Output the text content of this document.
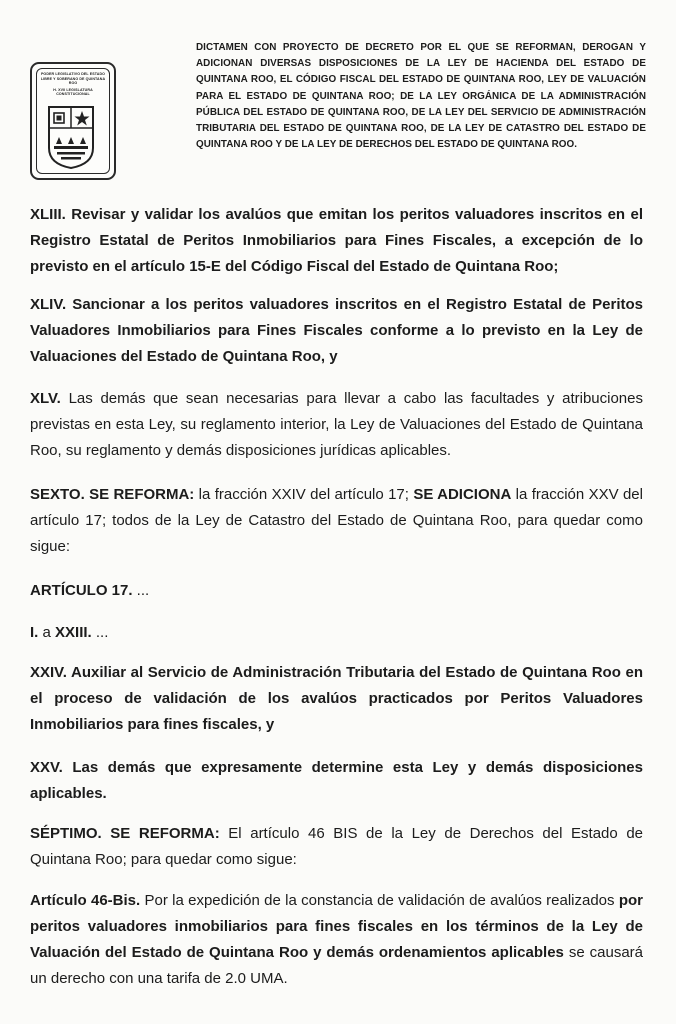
PODER LEGISLATIVO DEL ESTADO LIBRE Y SOBERANO DE QUINTANA ROO
H. XVII LEGISLATURA CONSTITUCIONAL
DICTAMEN CON PROYECTO DE DECRETO POR EL QUE SE REFORMAN, DEROGAN Y ADICIONAN DIVERSAS DISPOSICIONES DE LA LEY DE HACIENDA DEL ESTADO DE QUINTANA ROO, EL CÓDIGO FISCAL DEL ESTADO DE QUINTANA ROO, LEY DE VALUACIÓN PARA EL ESTADO DE QUINTANA ROO; DE LA LEY ORGÁNICA DE LA ADMINISTRACIÓN PÚBLICA DEL ESTADO DE QUINTANA ROO, DE LA LEY DEL SERVICIO DE ADMINISTRACIÓN TRIBUTARIA DEL ESTADO DE QUINTANA ROO, DE LA LEY DE CATASTRO DEL ESTADO DE QUINTANA ROO Y DE LA LEY DE DERECHOS DEL ESTADO DE QUINTANA ROO.

XLIII. Revisar y validar los avalúos que emitan los peritos valuadores inscritos en el Registro Estatal de Peritos Inmobiliarios para Fines Fiscales, a excepción de lo previsto en el artículo 15-E del Código Fiscal del Estado de Quintana Roo;

XLIV. Sancionar a los peritos valuadores inscritos en el Registro Estatal de Peritos Valuadores Inmobiliarios para Fines Fiscales conforme a lo previsto en la Ley de Valuaciones del Estado de Quintana Roo, y

XLV. Las demás que sean necesarias para llevar a cabo las facultades y atribuciones previstas en esta Ley, su reglamento interior, la Ley de Valuaciones del Estado de Quintana Roo, su reglamento y demás disposiciones jurídicas aplicables.

SEXTO. SE REFORMA: la fracción XXIV del artículo 17; SE ADICIONA la fracción XXV del artículo 17; todos de la Ley de Catastro del Estado de Quintana Roo, para quedar como sigue:

ARTÍCULO 17. ...

I. a XXIII. ...

XXIV. Auxiliar al Servicio de Administración Tributaria del Estado de Quintana Roo en el proceso de validación de los avalúos practicados por Peritos Valuadores Inmobiliarios para fines fiscales, y

XXV. Las demás que expresamente determine esta Ley y demás disposiciones aplicables.

SÉPTIMO. SE REFORMA: El artículo 46 BIS de la Ley de Derechos del Estado de Quintana Roo; para quedar como sigue:

Artículo 46-Bis. Por la expedición de la constancia de validación de avalúos realizados por peritos valuadores inmobiliarios para fines fiscales en los términos de la Ley de Valuación del Estado de Quintana Roo y demás ordenamientos aplicables se causará un derecho con una tarifa de 2.0 UMA.
